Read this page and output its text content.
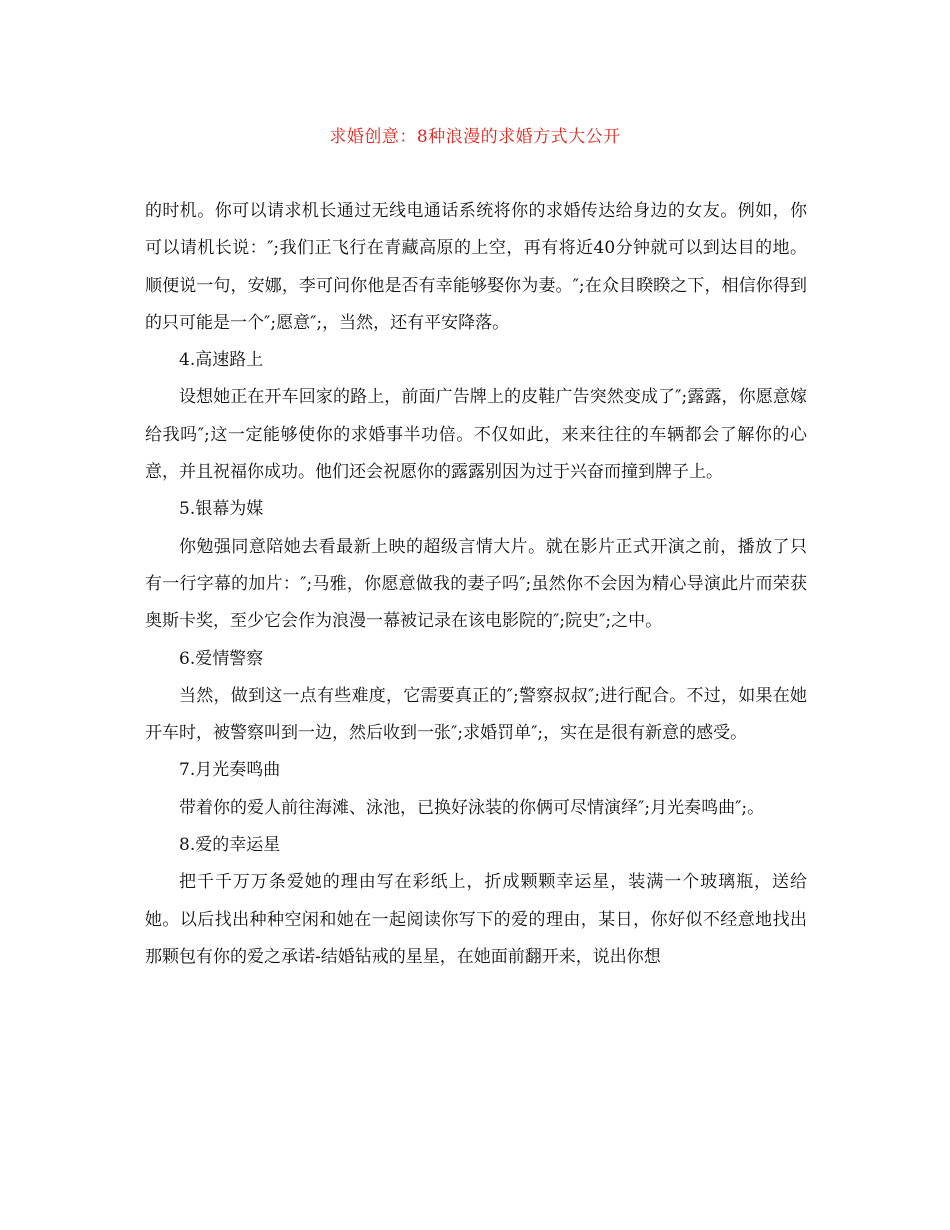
求婚创意：8种浪漫的求婚方式大公开

的时机。你可以请求机长通过无线电通话系统将你的求婚传达给身边的女友。例如，你可以请机长说：″;我们正飞行在青藏高原的上空，再有将近40分钟就可以到达目的地。顺便说一句，安娜，李可问你他是否有幸能够娶你为妻。″;在众目睽睽之下，相信你得到的只可能是一个″;愿意″;，当然，还有平安降落。

4.高速路上

设想她正在开车回家的路上，前面广告牌上的皮鞋广告突然变成了″;露露，你愿意嫁给我吗″;这一定能够使你的求婚事半功倍。不仅如此，来来往往的车辆都会了解你的心意，并且祝福你成功。他们还会祝愿你的露露别因为过于兴奋而撞到牌子上。

5.银幕为媒

你勉强同意陪她去看最新上映的超级言情大片。就在影片正式开演之前，播放了只有一行字幕的加片：″;马雅，你愿意做我的妻子吗″;虽然你不会因为精心导演此片而荣获奥斯卡奖，至少它会作为浪漫一幕被记录在该电影院的″;院史″;之中。

6.爱情警察

当然，做到这一点有些难度，它需要真正的″;警察叔叔″;进行配合。不过，如果在她开车时，被警察叫到一边，然后收到一张″;求婚罚单″;，实在是很有新意的感受。

7.月光奏鸣曲

带着你的爱人前往海滩、泳池，已换好泳装的你俩可尽情演绎″;月光奏鸣曲″;。

8.爱的幸运星

把千千万万条爱她的理由写在彩纸上，折成颗颗幸运星，装满一个玻璃瓶，送给她。以后找出种种空闲和她在一起阅读你写下的爱的理由，某日，你好似不经意地找出那颗包有你的爱之承诺-结婚钻戒的星星，在她面前翻开来，说出你想
